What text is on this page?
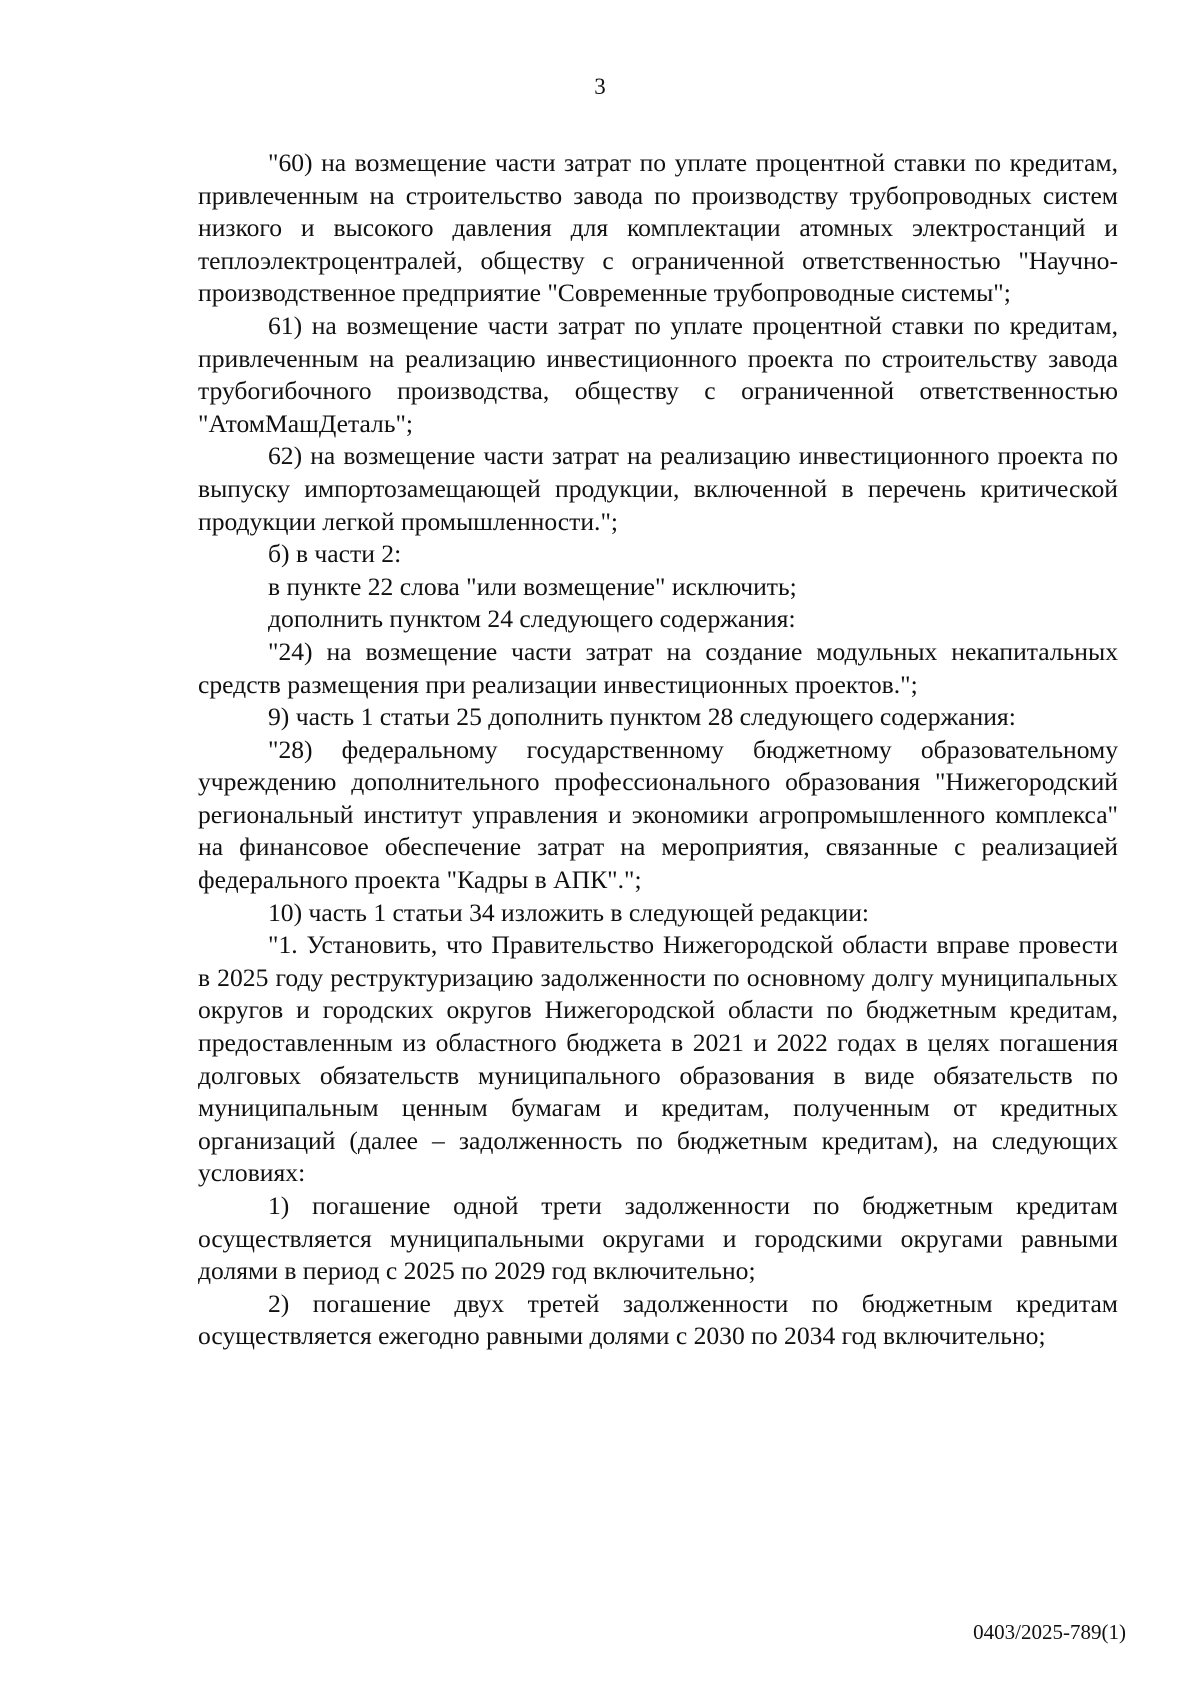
3

"60) на возмещение части затрат по уплате процентной ставки по кредитам, привлеченным на строительство завода по производству трубопроводных систем низкого и высокого давления для комплектации атомных электростанций и теплоэлектроцентралей, обществу с ограниченной ответственностью "Научно-производственное предприятие "Современные трубопроводные системы";

61) на возмещение части затрат по уплате процентной ставки по кредитам, привлеченным на реализацию инвестиционного проекта по строительству завода трубогибочного производства, обществу с ограниченной ответственностью "АтомМашДеталь";

62) на возмещение части затрат на реализацию инвестиционного проекта по выпуску импортозамещающей продукции, включенной в перечень критической продукции легкой промышленности.";

б) в части 2:

в пункте 22 слова "или возмещение" исключить;

дополнить пунктом 24 следующего содержания:

"24) на возмещение части затрат на создание модульных некапитальных средств размещения при реализации инвестиционных проектов.";

9) часть 1 статьи 25 дополнить пунктом 28 следующего содержания:

"28) федеральному государственному бюджетному образовательному учреждению дополнительного профессионального образования "Нижегородский региональный институт управления и экономики агропромышленного комплекса" на финансовое обеспечение затрат на мероприятия, связанные с реализацией федерального проекта "Кадры в АПК".";

10) часть 1 статьи 34 изложить в следующей редакции:

"1. Установить, что Правительство Нижегородской области вправе провести в 2025 году реструктуризацию задолженности по основному долгу муниципальных округов и городских округов Нижегородской области по бюджетным кредитам, предоставленным из областного бюджета в 2021 и 2022 годах в целях погашения долговых обязательств муниципального образования в виде обязательств по муниципальным ценным бумагам и кредитам, полученным от кредитных организаций (далее – задолженность по бюджетным кредитам), на следующих условиях:

1) погашение одной трети задолженности по бюджетным кредитам осуществляется муниципальными округами и городскими округами равными долями в период с 2025 по 2029 год включительно;

2) погашение двух третей задолженности по бюджетным кредитам осуществляется ежегодно равными долями с 2030 по 2034 год включительно;

0403/2025-789(1)
